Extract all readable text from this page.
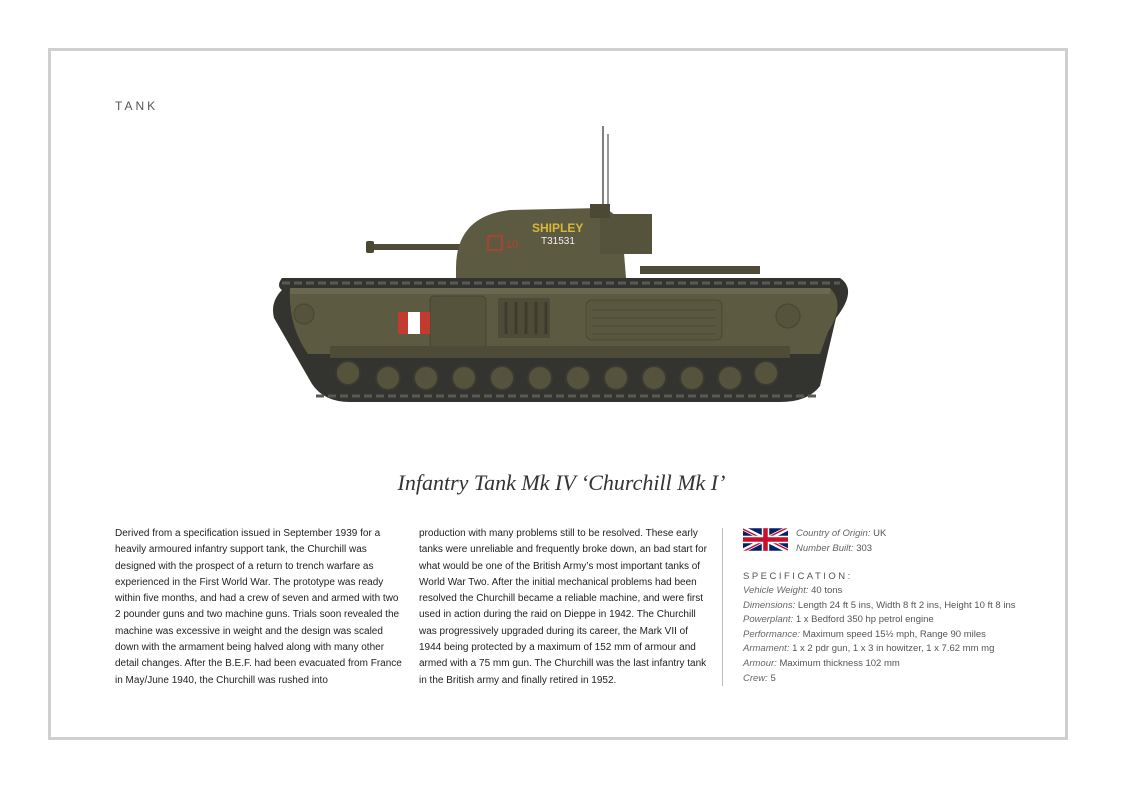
TANK
10
SHIPLEY
T31531
Infantry Tank Mk IV ‘Churchill Mk I’
Derived from a specification issued in September 1939 for a heavily armoured infantry support tank, the Churchill was designed with the prospect of a return to trench warfare as experienced in the First World War. The prototype was ready within five months, and had a crew of seven and armed with two 2 pounder guns and two machine guns. Trials soon revealed the machine was excessive in weight and the design was scaled down with the armament being halved along with many other detail changes. After the B.E.F. had been evacuated from France in May/June 1940, the Churchill was rushed into
production with many problems still to be resolved. These early tanks were unreliable and frequently broke down, an bad start for what would be one of the British Army’s most important tanks of World War Two. After the initial mechanical problems had been resolved the Churchill became a reliable machine, and were first used in action during the raid on Dieppe in 1942. The Churchill was progressively upgraded during its career, the Mark VII of 1944 being protected by a maximum of 152 mm of armour and armed with a 75 mm gun. The Churchill was the last infantry tank in the British army and finally retired in 1952.
Country of Origin: UK
Number Built: 303
SPECIFICATION:
Vehicle Weight: 40 tons
Dimensions: Length 24 ft 5 ins, Width 8 ft 2 ins, Height 10 ft 8 ins
Powerplant: 1 x Bedford 350 hp petrol engine
Performance: Maximum speed 15½ mph, Range 90 miles
Armament: 1 x 2 pdr gun, 1 x 3 in howitzer, 1 x 7.62 mm mg
Armour: Maximum thickness 102 mm
Crew: 5
